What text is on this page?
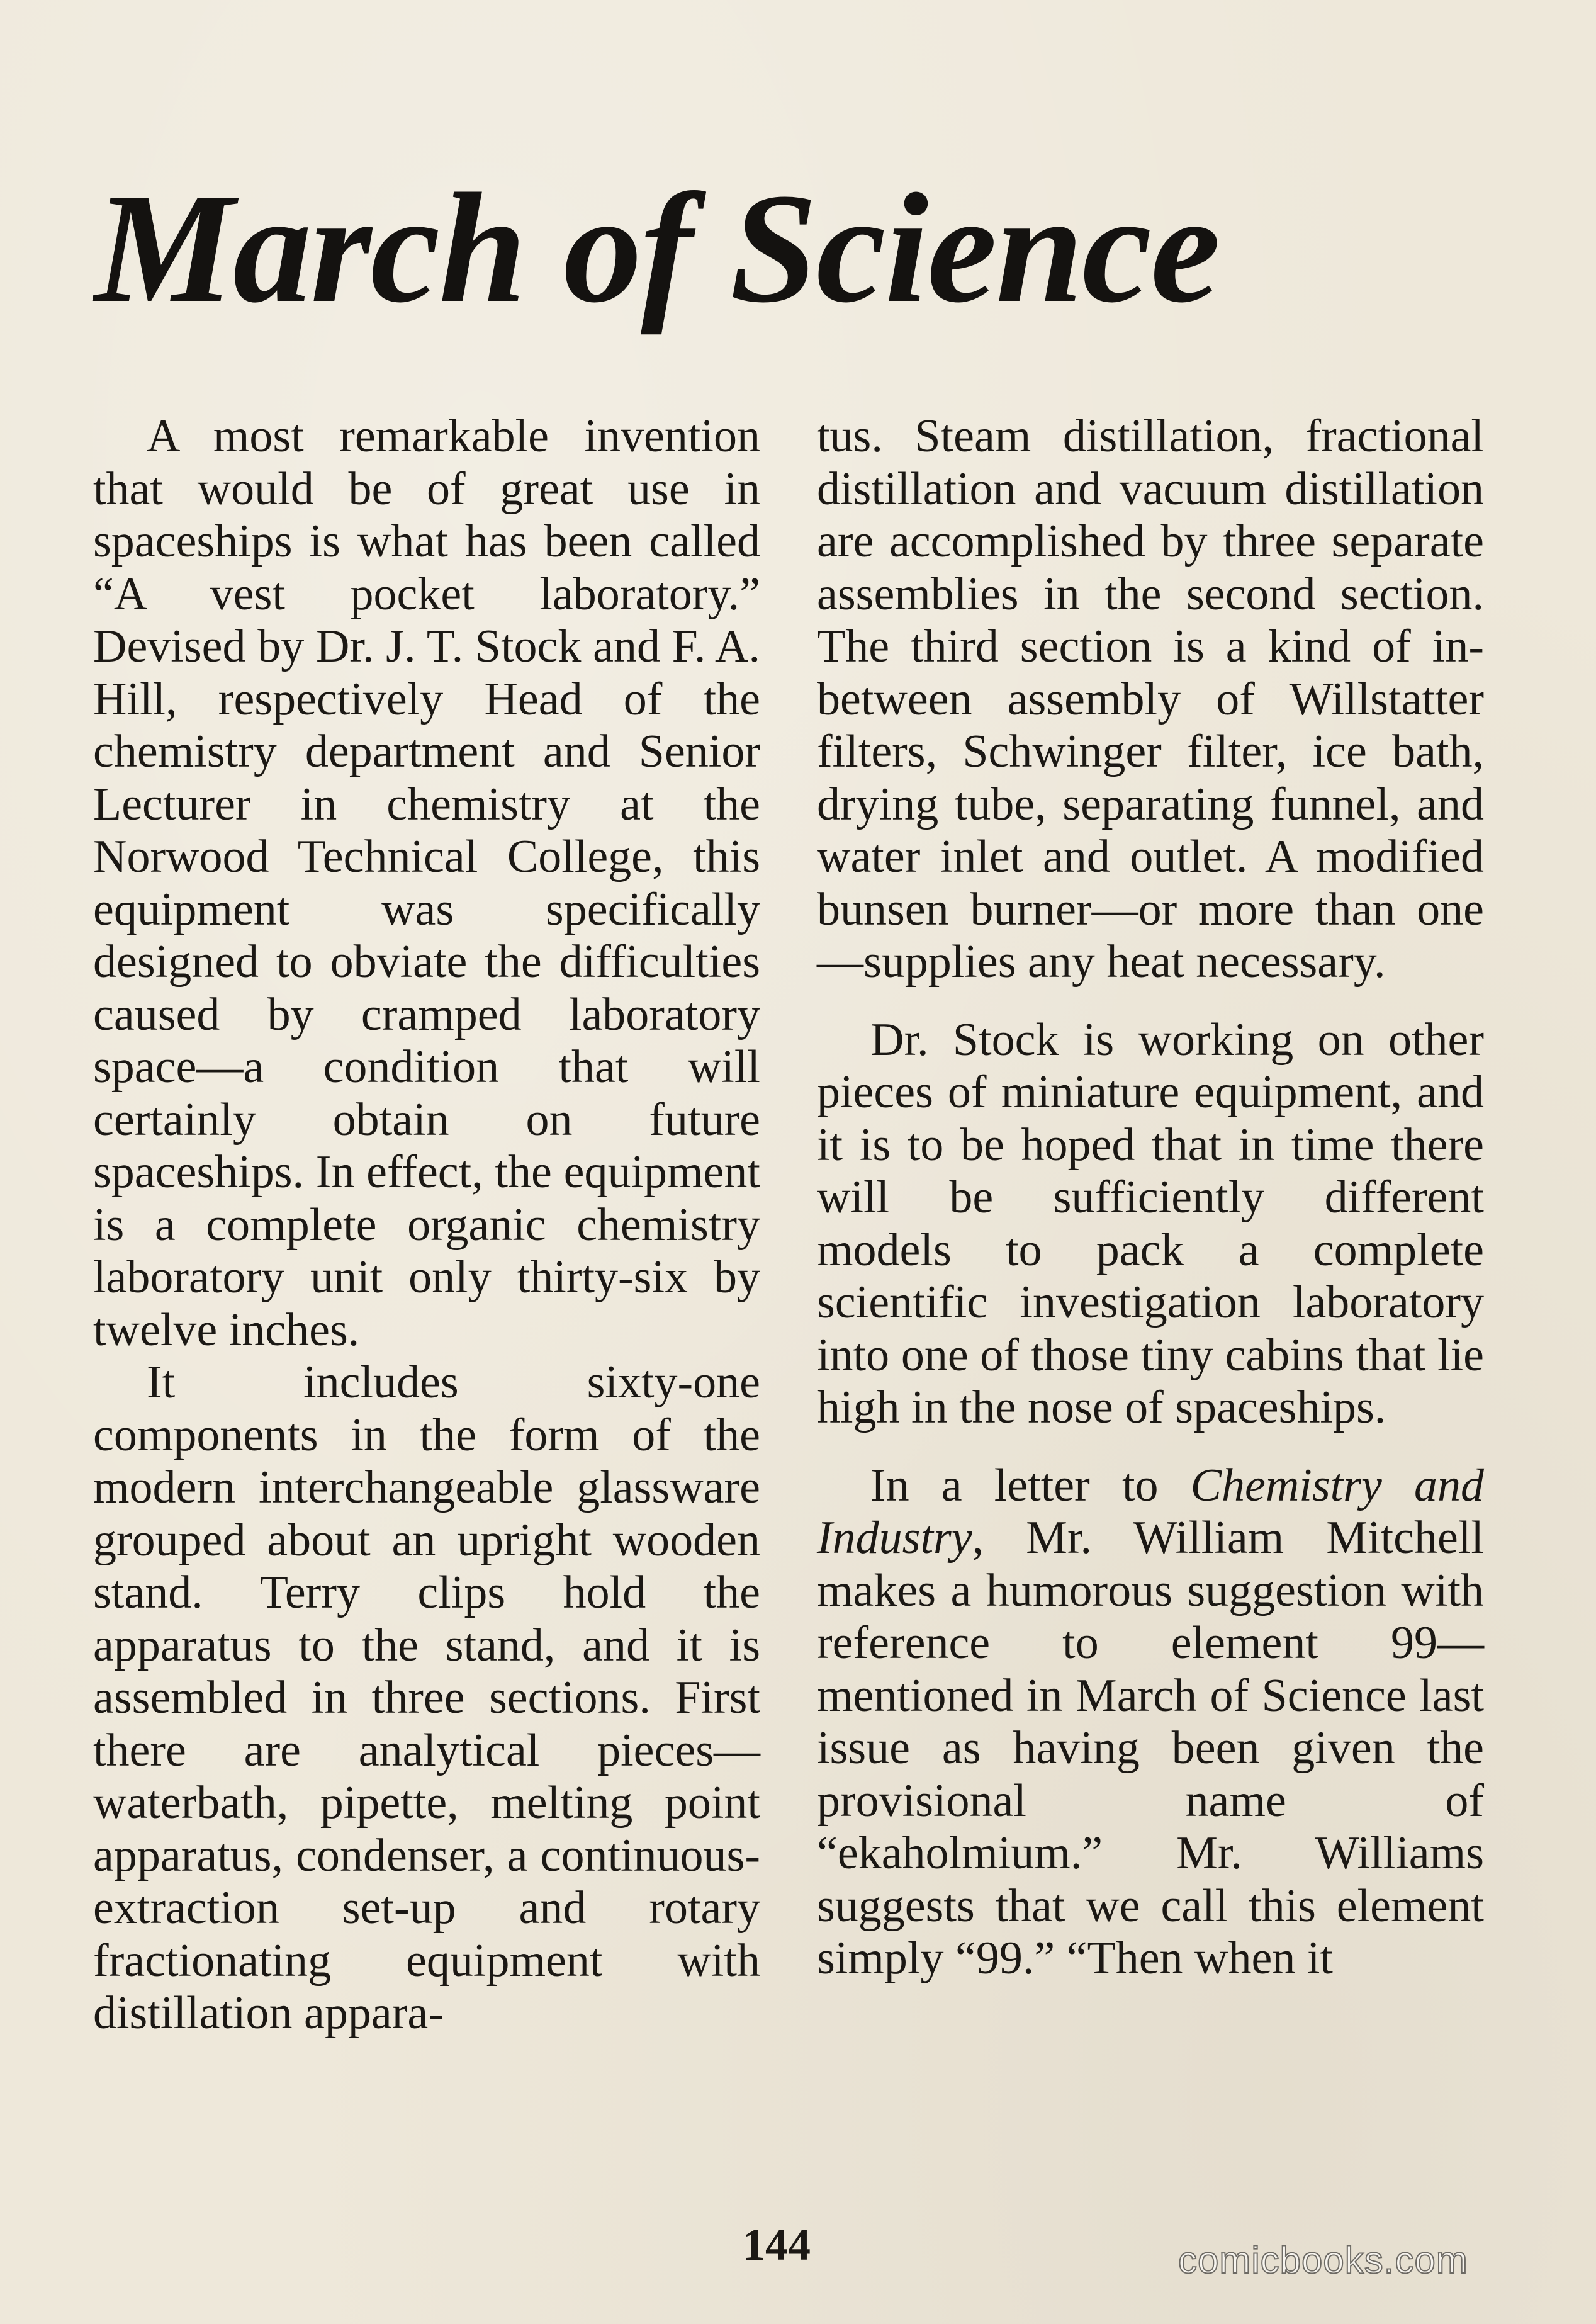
March of Science

A most remarkable invention that would be of great use in spaceships is what has been called “A vest pocket laboratory.” Devised by Dr. J. T. Stock and F. A. Hill, respectively Head of the chemistry department and Senior Lecturer in chemistry at the Norwood Technical College, this equipment was specifically designed to obviate the difficulties caused by cramped laboratory space—a condition that will certainly obtain on future spaceships. In effect, the equipment is a complete organic chemistry laboratory unit only thirty-six by twelve inches.

It includes sixty-one components in the form of the modern interchangeable glassware grouped about an upright wooden stand. Terry clips hold the apparatus to the stand, and it is assembled in three sections. First there are analytical pieces—waterbath, pipette, melting point apparatus, condenser, a continuous-extraction set-up and rotary fractionating equipment with distillation appara-

tus. Steam distillation, fractional distillation and vacuum distillation are accomplished by three separate assemblies in the second section. The third section is a kind of in-between assembly of Willstatter filters, Schwinger filter, ice bath, drying tube, separating funnel, and water inlet and outlet. A modified bunsen burner—or more than one—supplies any heat necessary.

Dr. Stock is working on other pieces of miniature equipment, and it is to be hoped that in time there will be sufficiently different models to pack a complete scientific investigation laboratory into one of those tiny cabins that lie high in the nose of spaceships.

In a letter to Chemistry and Industry, Mr. William Mitchell makes a humorous suggestion with reference to element 99—mentioned in March of Science last issue as having been given the provisional name of “ekaholmium.” Mr. Williams suggests that we call this element simply “99.” “Then when it

144	comicbooks.com
